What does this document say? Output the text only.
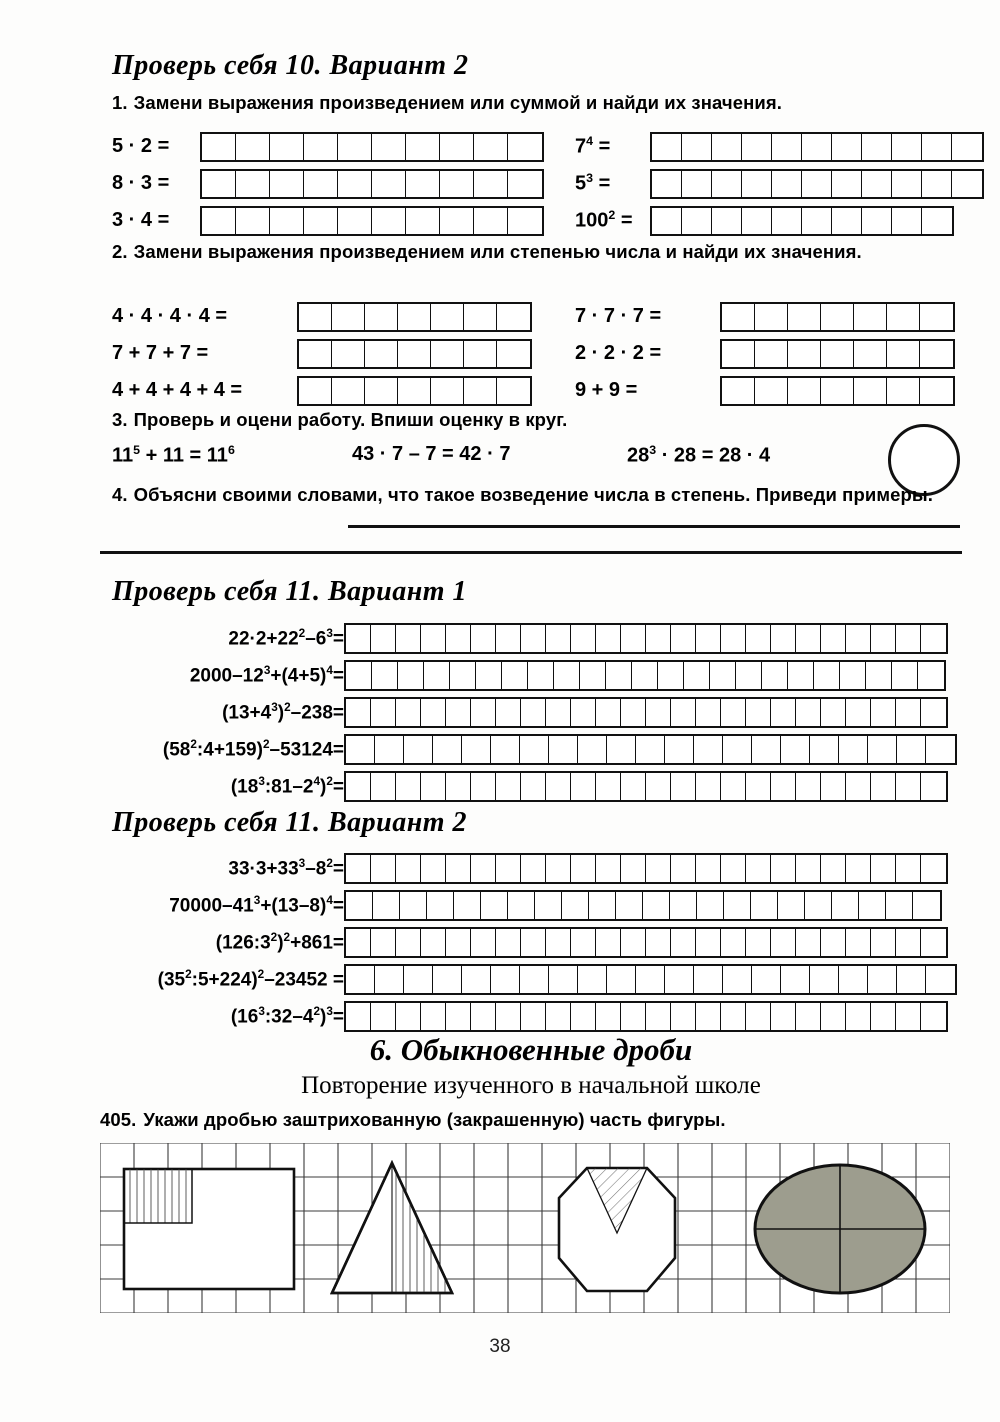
Проверь себя 10. Вариант 2
1. Замени выражения произведением или суммой и найди их значения.
5 · 2 =
8 · 3 =
3 · 4 =
$7^4$ =
$5^3$ =
$100^2$ =
2. Замени выражения произведением или степенью числа и найди их значения.
4 · 4 · 4 · 4 =
7 + 7 + 7 =
4 + 4 + 4 + 4 =
7 · 7 · 7 =
2 · 2 · 2 =
9 + 9 =
3. Проверь и оцени работу. Впиши оценку в круг.
$11^5 + 11 = 11^6$	43 · 7 – 7 = 42 · 7	$28^3 \cdot 28 = 28 \cdot 4$
4. Объясни своими словами, что такое возведение числа в степень. Приведи примеры.
Проверь себя 11. Вариант 1
$22\cdot 2+22^2-6^3=$
$2000-12^3+(4+5)^4=$
$(13+4^3)^2-238=$
$(58^2:4+159)^2-53124=$
$(18^3:81-2^4)^2=$
Проверь себя 11. Вариант 2
$33\cdot 3+33^3-8^2=$
$70000-41^3+(13-8)^4=$
$(126:3^2)^2+861=$
$(35^2:5+224)^2-23452$ =
$(16^3:32-4^2)^3=$
6. Обыкновенные дроби
Повторение изученного в начальной школе
405. Укажи дробью заштрихованную (закрашенную) часть фигуры.
38
